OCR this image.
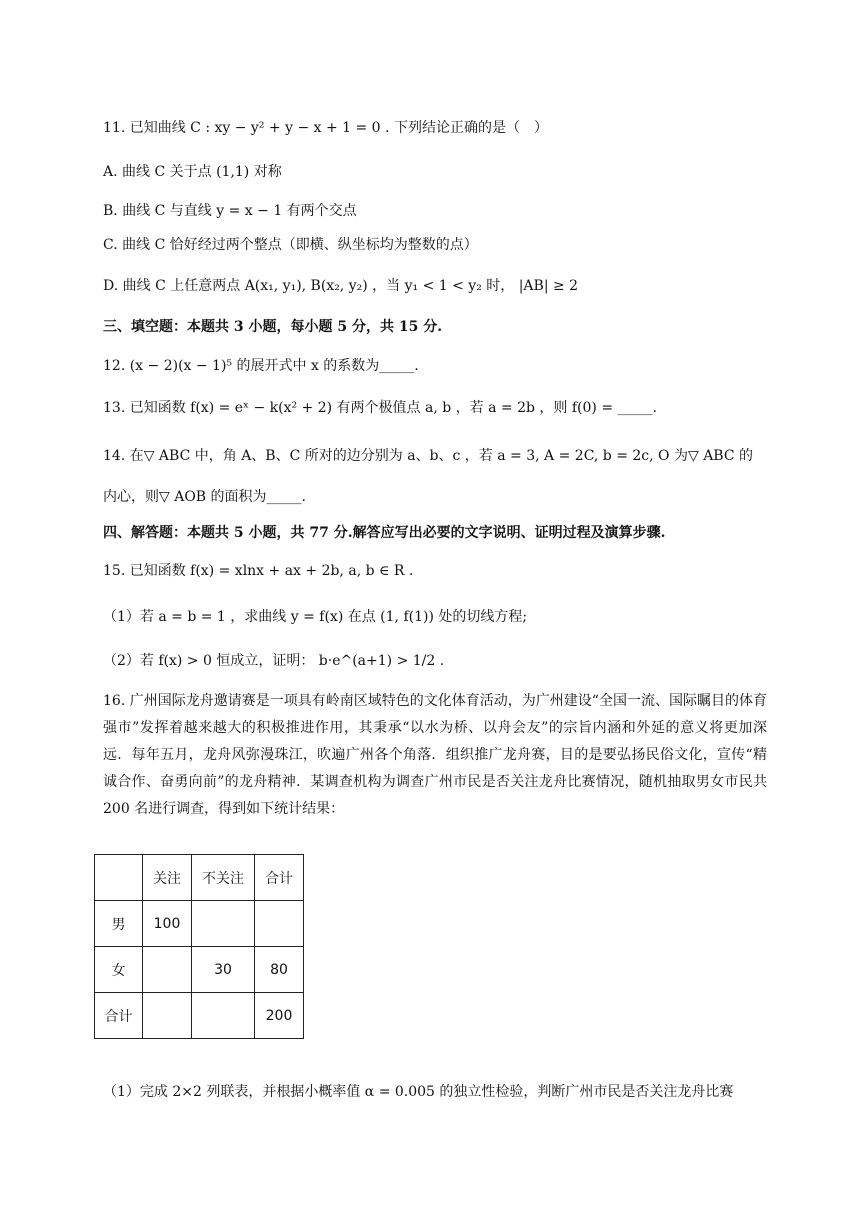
11. 已知曲线 C : xy − y² + y − x + 1 = 0 . 下列结论正确的是（　）
A. 曲线 C 关于点 (1,1) 对称
B. 曲线 C 与直线 y = x − 1 有两个交点
C. 曲线 C 恰好经过两个整点（即横、纵坐标均为整数的点）
D. 曲线 C 上任意两点 A(x₁, y₁), B(x₂, y₂) ，当 y₁ < 1 < y₂ 时， |AB| ≥ 2
三、填空题：本题共 3 小题，每小题 5 分，共 15 分.
12. (x − 2)(x − 1)⁵ 的展开式中 x 的系数为_____.
13. 已知函数 f(x) = eˣ − k(x² + 2) 有两个极值点 a, b ，若 a = 2b ，则 f(0) = _____.
14. 在▽ ABC 中，角 A、B、C 所对的边分别为 a、b、c ，若 a = 3, A = 2C, b = 2c, O 为▽ ABC 的
内心，则▽ AOB 的面积为_____.
四、解答题：本题共 5 小题，共 77 分.解答应写出必要的文字说明、证明过程及演算步骤.
15. 已知函数 f(x) = xlnx + ax + 2b, a, b ∈ R .
（1）若 a = b = 1 ，求曲线 y = f(x) 在点 (1, f(1)) 处的切线方程;
（2）若 f(x) > 0 恒成立，证明： b·e^(a+1) > 1/2 .
16. 广州国际龙舟邀请赛是一项具有岭南区域特色的文化体育活动，为广州建设“全国一流、国际瞩目的体育强市”发挥着越来越大的积极推进作用，其秉承“以水为桥、以舟会友”的宗旨内涵和外延的意义将更加深远．每年五月，龙舟风弥漫珠江，吹遍广州各个角落．组织推广龙舟赛，目的是要弘扬民俗文化，宣传“精诚合作、奋勇向前”的龙舟精神．某调查机构为调查广州市民是否关注龙舟比赛情况，随机抽取男女市民共 200 名进行调查，得到如下统计结果：
	关注	不关注	合计
男	100		
女		30	80
合计			200
（1）完成 2×2 列联表，并根据小概率值 α = 0.005 的独立性检验，判断广州市民是否关注龙舟比赛
